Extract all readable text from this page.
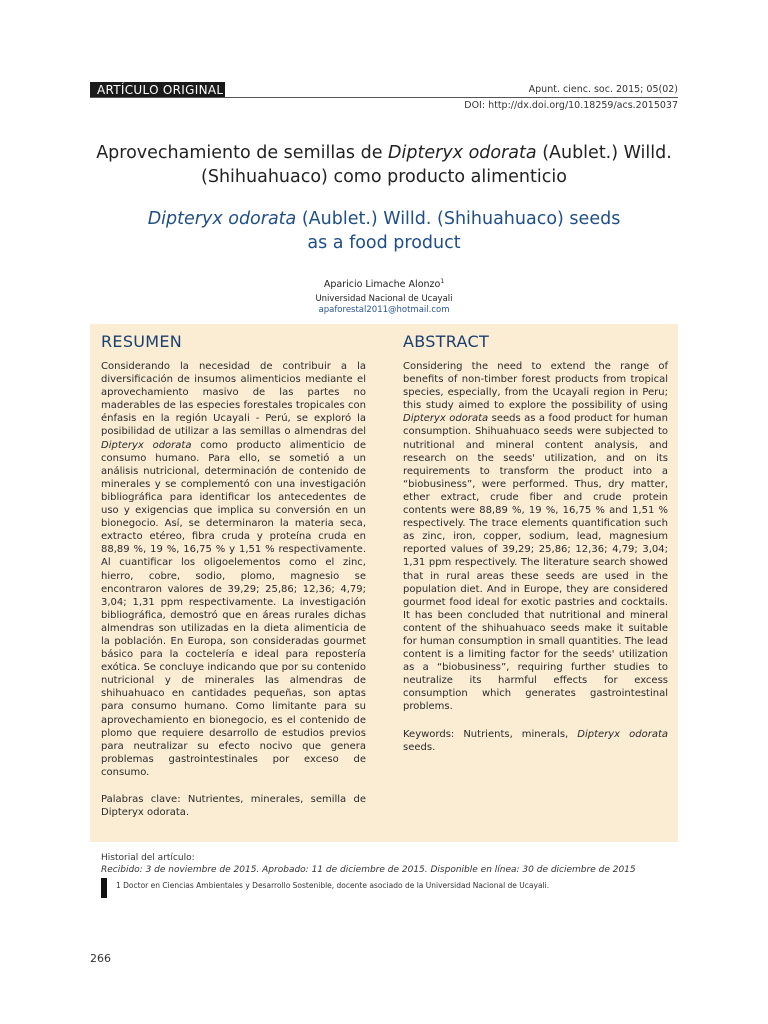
ARTÍCULO ORIGINAL	Apunt. cienc. soc. 2015; 05(02)
DOI: http://dx.doi.org/10.18259/acs.2015037
Aprovechamiento de semillas de Dipteryx odorata (Aublet.) Willd.
(Shihuahuaco) como producto alimenticio
Dipteryx odorata (Aublet.) Willd. (Shihuahuaco) seeds
as a food product
Aparicio Limache Alonzo$^1$
Universidad Nacional de Ucayali
apaforestal2011@hotmail.com
RESUMEN

Considerando la necesidad de contribuir a la diversificación de insumos alimenticios mediante el aprovechamiento masivo de las partes no maderables de las especies forestales tropicales con énfasis en la región Ucayali - Perú, se exploró la posibilidad de utilizar a las semillas o almendras del Dipteryx odorata como producto alimenticio de consumo humano. Para ello, se sometió a un análisis nutricional, determinación de contenido de minerales y se complementó con una investigación bibliográfica para identificar los antecedentes de uso y exigencias que implica su conversión en un bionegocio. Así, se determinaron la materia seca, extracto etéreo, fibra cruda y proteína cruda en 88,89 %, 19 %, 16,75 % y 1,51 % respectivamente. Al cuantificar los oligoelementos como el zinc, hierro, cobre, sodio, plomo, magnesio se encontraron valores de 39,29; 25,86; 12,36; 4,79; 3,04; 1,31 ppm respectivamente. La investigación bibliográfica, demostró que en áreas rurales dichas almendras son utilizadas en la dieta alimenticia de la población. En Europa, son consideradas gourmet básico para la coctelería e ideal para repostería exótica. Se concluye indicando que por su contenido nutricional y de minerales las almendras de shihuahuaco en cantidades pequeñas, son aptas para consumo humano. Como limitante para su aprovechamiento en bionegocio, es el contenido de plomo que requiere desarrollo de estudios previos para neutralizar su efecto nocivo que genera problemas gastrointestinales por exceso de consumo.

Palabras clave: Nutrientes, minerales, semilla de Dipteryx odorata.

ABSTRACT

Considering the need to extend the range of benefits of non-timber forest products from tropical species, especially, from the Ucayali region in Peru; this study aimed to explore the possibility of using Dipteryx odorata seeds as a food product for human consumption. Shihuahuaco seeds were subjected to nutritional and mineral content analysis, and research on the seeds' utilization, and on its requirements to transform the product into a “biobusiness”, were performed. Thus, dry matter, ether extract, crude fiber and crude protein contents were 88,89 %, 19 %, 16,75 % and 1,51 % respectively. The trace elements quantification such as zinc, iron, copper, sodium, lead, magnesium reported values of 39,29; 25,86; 12,36; 4,79; 3,04; 1,31 ppm respectively. The literature search showed that in rural areas these seeds are used in the population diet. And in Europe, they are considered gourmet food ideal for exotic pastries and cocktails. It has been concluded that nutritional and mineral content of the shihuahuaco seeds make it suitable for human consumption in small quantities. The lead content is a limiting factor for the seeds' utilization as a “biobusiness”, requiring further studies to neutralize its harmful effects for excess consumption which generates gastrointestinal problems.

Keywords: Nutrients, minerals, Dipteryx odorata seeds.

Historial del artículo:
Recibido: 3 de noviembre de 2015. Aprobado: 11 de diciembre de 2015. Disponible en línea: 30 de diciembre de 2015
1 Doctor en Ciencias Ambientales y Desarrollo Sostenible, docente asociado de la Universidad Nacional de Ucayali.
266
